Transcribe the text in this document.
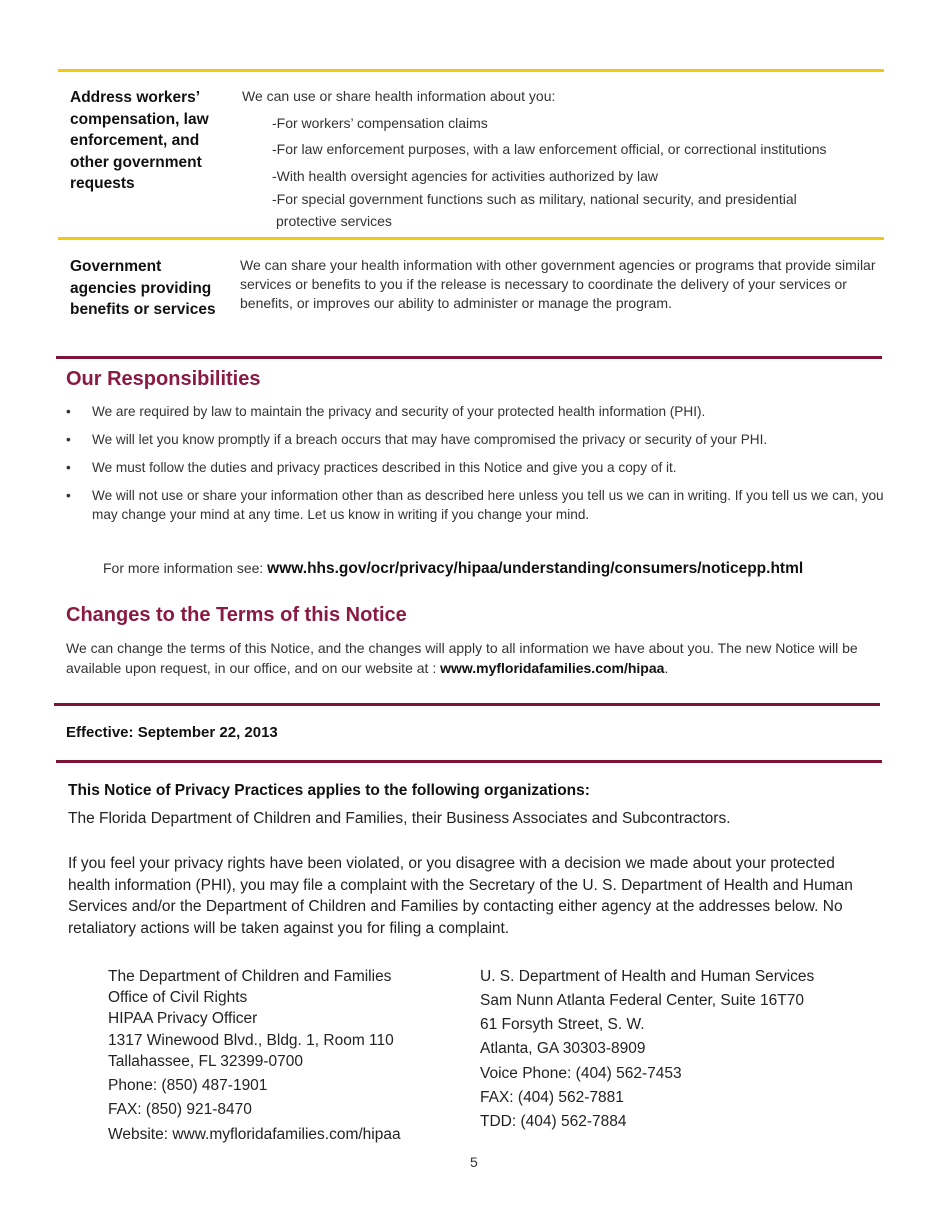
Address workers’
compensation, law
enforcement, and
other government
requests
We can use or share health information about you:
-For workers’ compensation claims
-For law enforcement purposes, with a law enforcement official, or correctional institutions
-With health oversight agencies for activities authorized by law
-For special government functions such as military, national security, and presidential
protective services
Government
agencies providing
benefits or services
We can share your health information with other government agencies or programs that provide similar services or benefits to you if the release is necessary to coordinate the delivery of your services or benefits, or improves our ability to administer or manage the program.
Our Responsibilities
• We are required by law to maintain the privacy and security of your protected health information (PHI).
• We will let you know promptly if a breach occurs that may have compromised the privacy or security of your PHI.
• We must follow the duties and privacy practices described in this Notice and give you a copy of it.
• We will not use or share your information other than as described here unless you tell us we can in writing. If you tell us we can, you may change your mind at any time. Let us know in writing if you change your mind.
For more information see: www.hhs.gov/ocr/privacy/hipaa/understanding/consumers/noticepp.html
Changes to the Terms of this Notice
We can change the terms of this Notice, and the changes will apply to all information we have about you. The new Notice will be available upon request, in our office, and on our website at : www.myfloridafamilies.com/hipaa.
Effective: September 22, 2013
This Notice of Privacy Practices applies to the following organizations:
The Florida Department of Children and Families, their Business Associates and Subcontractors.
If you feel your privacy rights have been violated, or you disagree with a decision we made about your protected health information (PHI), you may file a complaint with the Secretary of the U. S. Department of Health and Human Services and/or the Department of Children and Families by contacting either agency at the addresses below. No retaliatory actions will be taken against you for filing a complaint.
The Department of Children and Families
Office of Civil Rights
HIPAA Privacy Officer
1317 Winewood Blvd., Bldg. 1, Room 110
Tallahassee, FL 32399-0700
Phone: (850) 487-1901
FAX: (850) 921-8470
Website: www.myfloridafamilies.com/hipaa
U. S. Department of Health and Human Services
Sam Nunn Atlanta Federal Center, Suite 16T70
61 Forsyth Street, S. W.
Atlanta, GA 30303-8909
Voice Phone: (404) 562-7453
FAX: (404) 562-7881
TDD: (404) 562-7884
5
